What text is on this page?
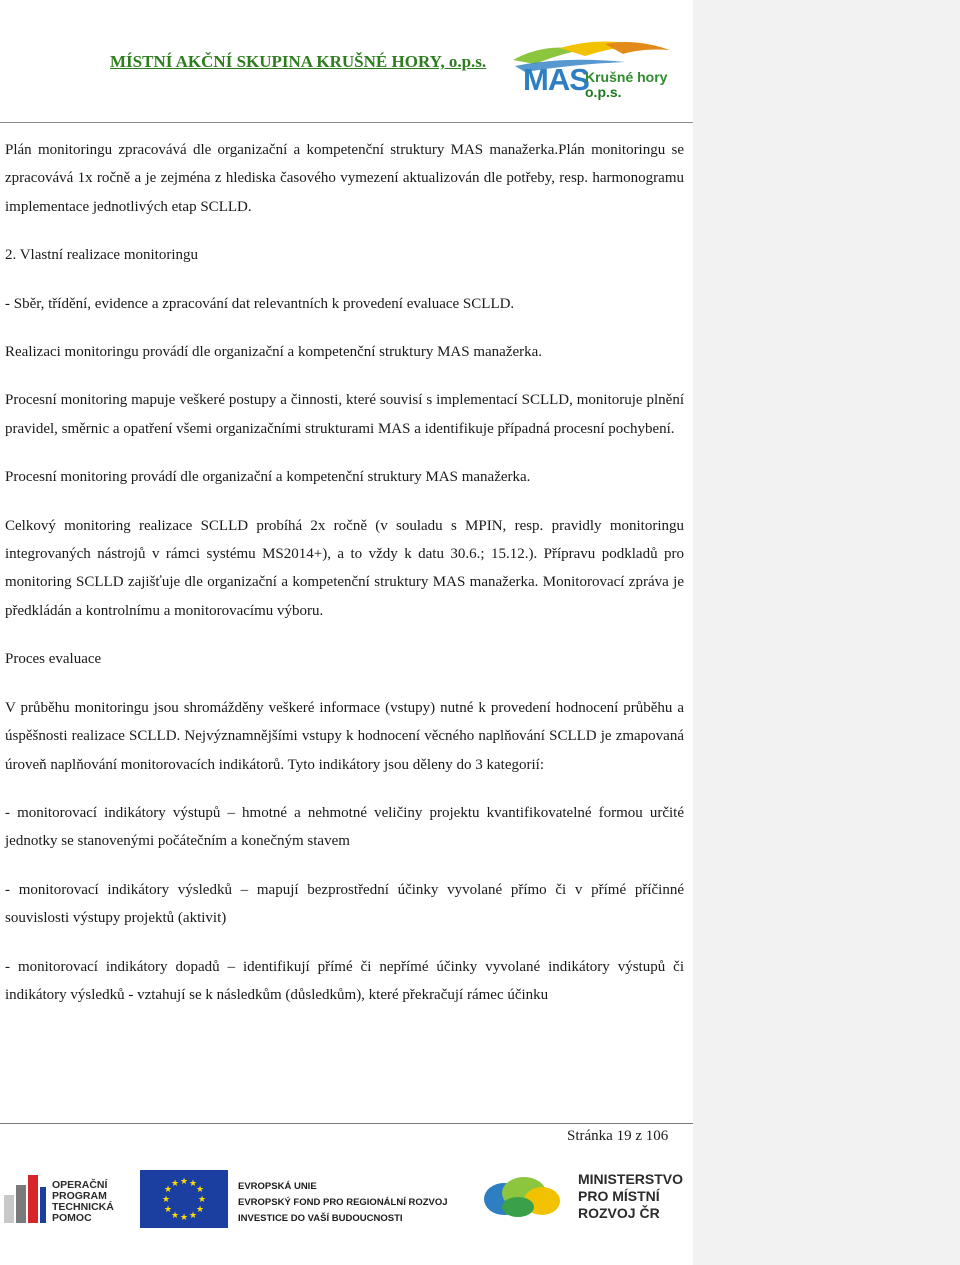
MÍSTNÍ AKČNÍ SKUPINA KRUŠNÉ HORY, o.p.s.
MAS
Krušné hory
o.p.s.

Plán monitoringu zpracovává dle organizační a kompetenční struktury MAS manažerka.Plán monitoringu se zpracovává 1x ročně a je zejména z hlediska časového vymezení aktualizován dle potřeby, resp. harmonogramu implementace jednotlivých etap SCLLD.

2. Vlastní realizace monitoringu

- Sběr, třídění, evidence a zpracování dat relevantních k provedení evaluace SCLLD.

Realizaci monitoringu provádí dle organizační a kompetenční struktury MAS manažerka.

Procesní monitoring mapuje veškeré postupy a činnosti, které souvisí s implementací SCLLD, monitoruje plnění pravidel, směrnic a opatření všemi organizačními strukturami MAS a identifikuje případná procesní pochybení.

Procesní monitoring provádí dle organizační a kompetenční struktury MAS manažerka.

Celkový monitoring realizace SCLLD probíhá 2x ročně (v souladu s MPIN, resp. pravidly monitoringu integrovaných nástrojů v rámci systému MS2014+), a to vždy k datu 30.6.; 15.12.). Přípravu podkladů pro monitoring SCLLD zajišťuje dle organizační a kompetenční struktury MAS manažerka. Monitorovací zpráva je předkládán a kontrolnímu a monitorovacímu výboru.

Proces evaluace

V průběhu monitoringu jsou shromážděny veškeré informace (vstupy) nutné k provedení hodnocení průběhu a úspěšnosti realizace SCLLD. Nejvýznamnějšími vstupy k hodnocení věcného naplňování SCLLD je zmapovaná úroveň naplňování monitorovacích indikátorů. Tyto indikátory jsou děleny do 3 kategorií:

- monitorovací indikátory výstupů – hmotné a nehmotné veličiny projektu kvantifikovatelné formou určité jednotky se stanovenými počátečním a konečným stavem

- monitorovací indikátory výsledků – mapují bezprostřední účinky vyvolané přímo či v přímé příčinné souvislosti výstupy projektů (aktivit)

- monitorovací indikátory dopadů – identifikují přímé či nepřímé účinky vyvolané indikátory výstupů či indikátory výsledků - vztahují se k následkům (důsledkům), které překračují rámec účinku

Stránka 19 z 106
OPERAČNÍ
PROGRAM
TECHNICKÁ
POMOC
★ ★
★
★
★
★
★
★
★
★
★
★	EVROPSKÁ UNIE
EVROPSKÝ FOND PRO REGIONÁLNÍ ROZVOJ
INVESTICE DO VAŠÍ BUDOUCNOSTI
MINISTERSTVO
PRO MÍSTNÍ
ROZVOJ ČR
